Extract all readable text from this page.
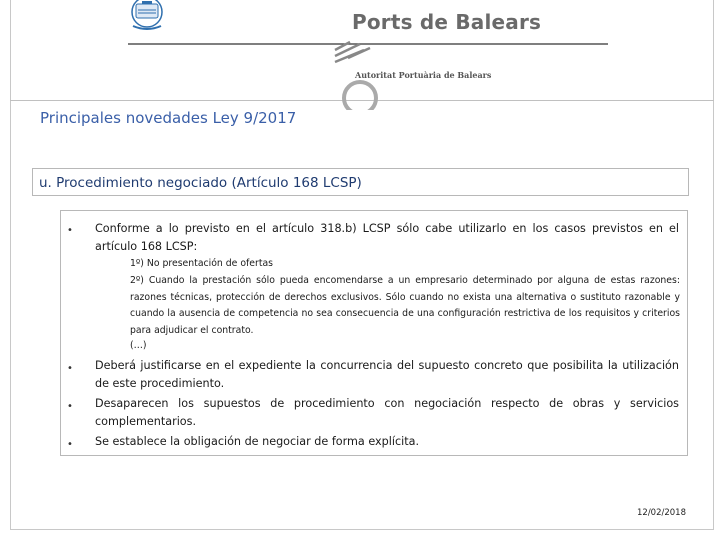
Ports de Balears
Autoritat Portuària de Balears
Principales novedades Ley 9/2017
u. Procedimiento negociado (Artículo 168 LCSP)
• Conforme a lo previsto en el artículo 318.b) LCSP sólo cabe utilizarlo en los casos previstos en el artículo 168 LCSP:
1º) No presentación de ofertas
2º) Cuando la prestación sólo pueda encomendarse a un empresario determinado por alguna de estas razones: razones técnicas, protección de derechos exclusivos. Sólo cuando no exista una alternativa o sustituto razonable y cuando la ausencia de competencia no sea consecuencia de una configuración restrictiva de los requisitos y criterios para adjudicar el contrato.
(…)
• Deberá justificarse en el expediente la concurrencia del supuesto concreto que posibilita la utilización de este procedimiento.
• Desaparecen los supuestos de procedimiento con negociación respecto de obras y servicios complementarios.
• Se establece la obligación de negociar de forma explícita.
12/02/2018
